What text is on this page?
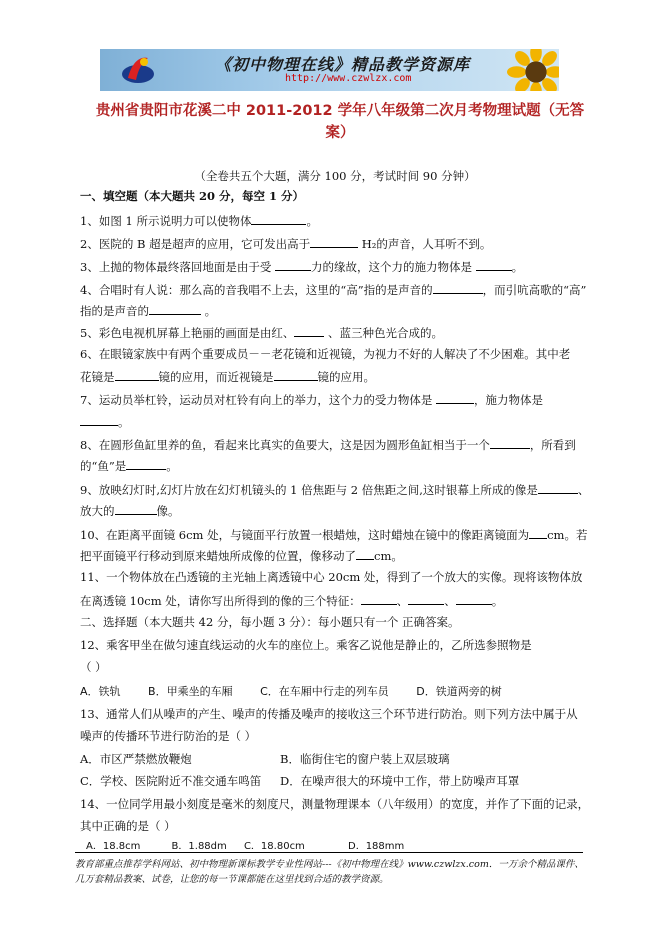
《初中物理在线》精品教学资源库
http://www.czwlzx.com
贵州省贵阳市花溪二中 2011-2012 学年八年级第二次月考物理试题（无答
案）
（全卷共五个大题，满分 100 分，考试时间 90 分钟）
一、填空题（本大题共 20 分，每空 1 分）
1、如图 1 所示说明力可以使物体	。
2、医院的 B 超是超声的应用，它可发出高于	H₂的声音，人耳听不到。
3、上抛的物体最终落回地面是由于受	力的缘故，这个力的施力物体是	。
4、合唱时有人说：那么高的音我唱不上去，这里的“高”指的是声音的	，而引吭高歌的“高”
指的是声音的	。
5、彩色电视机屏幕上艳丽的画面是由红、	、蓝三种色光合成的。
6、在眼镜家族中有两个重要成员－－老花镜和近视镜，为视力不好的人解决了不少困难。其中老
花镜是	镜的应用，而近视镜是	镜的应用。
7、运动员举杠铃，运动员对杠铃有向上的举力，这个力的受力物体是	，施力物体是
。
8、在圆形鱼缸里养的鱼，看起来比真实的鱼要大，这是因为圆形鱼缸相当于一个	，所看到
的“鱼”是	。
9、放映幻灯时,幻灯片放在幻灯机镜头的 1 倍焦距与 2 倍焦距之间,这时银幕上所成的像是	、
放大的	像。
10、在距离平面镜 6cm 处，与镜面平行放置一根蜡烛，这时蜡烛在镜中的像距离镜面为 cm。若
把平面镜平行移动到原来蜡烛所成像的位置，像移动了 cm。
11、一个物体放在凸透镜的主光轴上离透镜中心 20cm 处，得到了一个放大的实像。现将该物体放
在离透镜 10cm 处，请你写出所得到的像的三个特征：	、	、	。
二、选择题（本大题共 42 分，每小题 3 分）：每小题只有一个 正确答案。
12、乘客甲坐在做匀速直线运动的火车的座位上。乘客乙说他是静止的，乙所选参照物是
（ ）
A．铁轨	B．甲乘坐的车厢	C．在车厢中行走的列车员	D．铁道两旁的树
13、通常人们从噪声的产生、噪声的传播及噪声的接收这三个环节进行防治。则下列方法中属于从
噪声的传播环节进行防治的是（ ）
A．市区严禁燃放鞭炮	B．临街住宅的窗户装上双层玻璃
C．学校、医院附近不准交通车鸣笛 D．在噪声很大的环境中工作，带上防噪声耳罩
14、一位同学用最小刻度是毫米的刻度尺，测量物理课本（八年级用）的宽度，并作了下面的记录，
其中正确的是（ ）
A．18.8cm	B．1.88dm C．18.80cm	D．188mm
教育部重点推荐学科网站、初中物理新课标教学专业性网站---《初中物理在线》www.czwlzx.com．一万余个精品课件、
几万套精品教案、试卷，让您的每一节课都能在这里找到合适的教学资源。
